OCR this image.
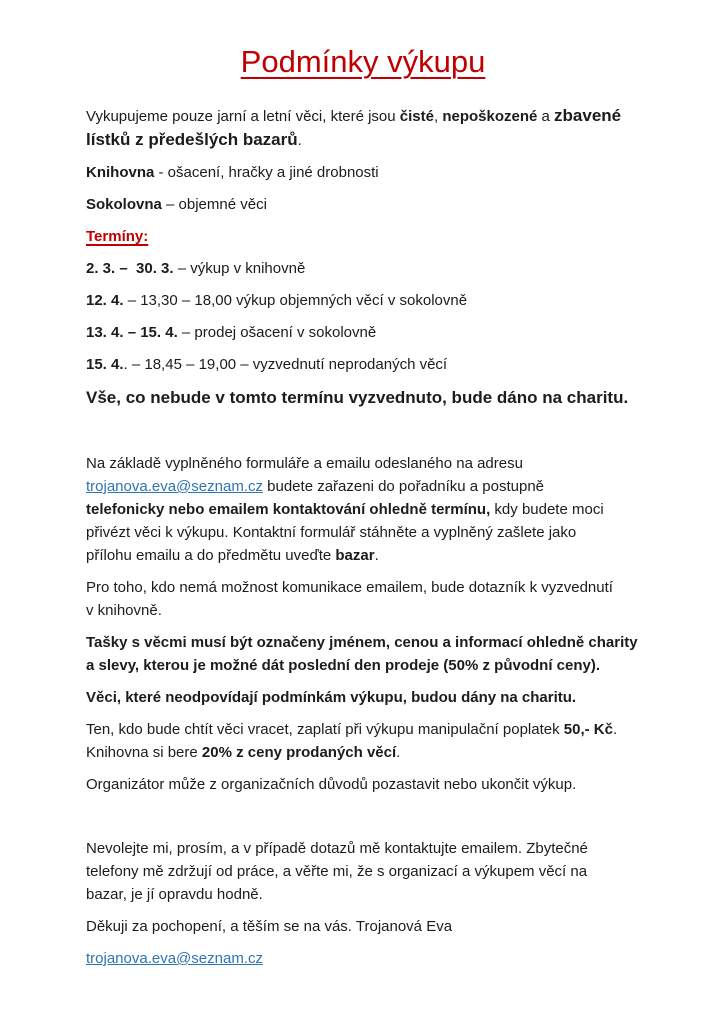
Podmínky výkupu

Vykupujeme pouze jarní a letní věci, které jsou čisté, nepoškozené a zbavené
lístků z předešlých bazarů.

Knihovna - ošacení, hračky a jiné drobnosti

Sokolovna – objemné věci

Termíny:

2. 3. –  30. 3. – výkup v knihovně

12. 4. – 13,30 – 18,00 výkup objemných věcí v sokolovně

13. 4. – 15. 4. – prodej ošacení v sokolovně

15. 4.. – 18,45 – 19,00 – vyzvednutí neprodaných věcí

Vše, co nebude v tomto termínu vyzvednuto, bude dáno na charitu.

Na základě vyplněného formuláře a emailu odeslaného na adresu
trojanova.eva@seznam.cz budete zařazeni do pořadníku a postupně
telefonicky nebo emailem kontaktování ohledně termínu, kdy budete moci
přivézt věci k výkupu. Kontaktní formulář stáhněte a vyplněný zašlete jako
přílohu emailu a do předmětu uveďte bazar.

Pro toho, kdo nemá možnost komunikace emailem, bude dotazník k vyzvednutí
v knihovně.

Tašky s věcmi musí být označeny jménem, cenou a informací ohledně charity
a slevy, kterou je možné dát poslední den prodeje (50% z původní ceny).

Věci, které neodpovídají podmínkám výkupu, budou dány na charitu.

Ten, kdo bude chtít věci vracet, zaplatí při výkupu manipulační poplatek 50,- Kč.
Knihovna si bere 20% z ceny prodaných věcí.

Organizátor může z organizačních důvodů pozastavit nebo ukončit výkup.

Nevolejte mi, prosím, a v případě dotazů mě kontaktujte emailem. Zbytečné
telefony mě zdržují od práce, a věřte mi, že s organizací a výkupem věcí na
bazar, je jí opravdu hodně.

Děkuji za pochopení, a těším se na vás. Trojanová Eva

trojanova.eva@seznam.cz
